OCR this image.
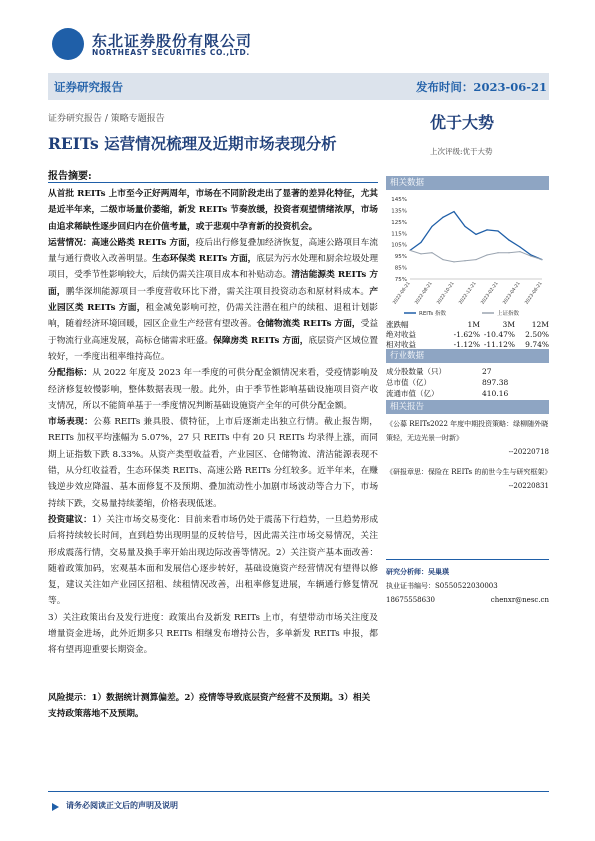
东北证券股份有限公司
NORTHEAST SECURITIES CO.,LTD.
证券研究报告	发布时间：2023-06-21
证券研究报告 / 策略专题报告
REITs 运营情况梳理及近期市场表现分析
优于大势
上次评级:优于大势
报告摘要:

从首批 REITs 上市至今正好两周年，市场在不同阶段走出了显著的差异化特征，尤其是近半年来，二级市场量价萎缩，新发 REITs 节奏放缓，投资者观望情绪浓厚，市场由追求稀缺性逐步回归内在价值考量，或于悲观中孕育新的投资机会。

运营情况：高速公路类 REITs 方面，疫后出行修复叠加经济恢复，高速公路项目车流量与通行费收入改善明显。生态环保类 REITs 方面，底层为污水处理和厨余垃圾处理项目，受季节性影响较大，后续仍需关注项目成本和补贴动态。清洁能源类 REITs 方面，鹏华深圳能源项目一季度营收环比下滑，需关注项目投资动态和原材料成本。产业园区类 REITs 方面，租金减免影响可控，仍需关注潜在租户的续租、退租计划影响，随着经济环境回暖，园区企业生产经营有望改善。仓储物流类 REITs 方面，受益于物流行业高速发展，高标仓储需求旺盛。保障房类 REITs 方面，底层资产区域位置较好，一季度出租率维持高位。

分配指标：从 2022 年度及 2023 年一季度的可供分配金额情况来看，受疫情影响及经济修复较慢影响，整体数据表现一般。此外，由于季节性影响基础设施项目资产收支情况，所以不能简单基于一季度情况判断基础设施资产全年的可供分配金额。

市场表现：公募 REITs 兼具股、债特征，上市后逐渐走出独立行情。截止报告期，REITs 加权平均涨幅为 5.07%，27 只 REITs 中有 20 只 REITs 均录得上涨，而同期上证指数下跌 8.33%。从资产类型收益看，产业园区、仓储物流、清洁能源表现不错，从分红收益看，生态环保类 REITs、高速公路 REITs 分红较多。近半年来，在赚钱逆步效应降温、基本面修复不及预期、叠加流动性小加剧市场波动等合力下，市场持续下跌，交易量持续萎缩，价格表现低迷。

投资建议：1）关注市场交易变化：目前来看市场仍处于震荡下行趋势，一旦趋势形成后将持续较长时间，直到趋势出现明显的反转信号，因此需关注市场交易情况，关注形成震荡行情，交易量及换手率开始出现边际改善等情况。2）关注资产基本面改善：随着政策加码，宏观基本面和发展信心逐步转好，基础设施资产经营情况有望得以修复，建议关注如产业园区招租、续租情况改善，出租率修复进展，车辆通行修复情况等。

3）关注政策出台及发行进度：政策出台及新发 REITs 上市，有望带动市场关注度及增量资金进场，此外近期多只 REITs 相继发布增持公告，多单新发 REITs 申报，都将有望再迎重要长期资金。

风险提示：1）数据统计测算偏差。2）疫情等导致底层资产经营不及预期。3）相关支持政策落地不及预期。
相关数据
145%
135%
125%
115%
105%
95%
85%
75%
2022-06-21 2022-08-21 2022-10-21 2022-12-21 2023-02-21 2023-04-21 2023-06-21
REITs 指数	上证指数
涨跌幅	1M	3M	12M
绝对收益	-1.62% -10.47%	2.50%
相对收益	-1.12% -11.12%	9.74%
行业数据
成分股数量（只）	27
总市值（亿）	897.38
流通市值（亿）	410.16
相关报告
《公募 REITs2022 年度中期投资策略：绿柳随外晓策轻，无边光景一时新》
--20220718
《研报章思：保险在 REITs 的前世今生与研究框架》
--20220831
研究分析师：吴巢瑛
执业证书编号：S0550522030003
18675558630	chenxr@nesc.cn
请务必阅读正文后的声明及说明
